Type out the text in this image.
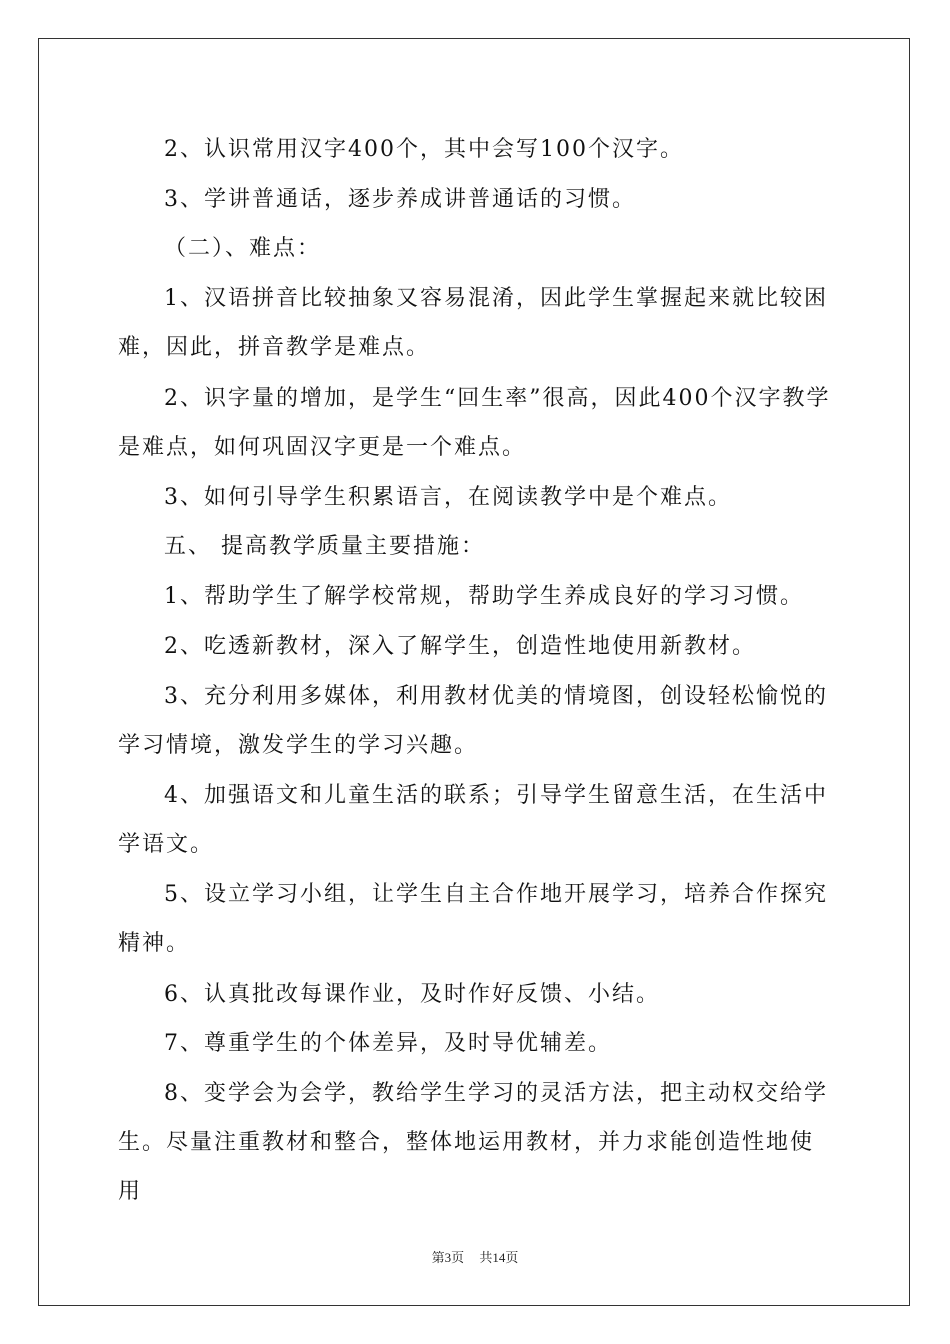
2、认识常用汉字400个，其中会写100个汉字。

3、学讲普通话，逐步养成讲普通话的习惯。

（二）、难点：

1、汉语拼音比较抽象又容易混淆，因此学生掌握起来就比较困难，因此，拼音教学是难点。

2、识字量的增加，是学生“回生率”很高，因此400个汉字教学是难点，如何巩固汉字更是一个难点。

3、如何引导学生积累语言，在阅读教学中是个难点。

五、 提高教学质量主要措施：

1、帮助学生了解学校常规，帮助学生养成良好的学习习惯。

2、吃透新教材，深入了解学生，创造性地使用新教材。

3、充分利用多媒体，利用教材优美的情境图，创设轻松愉悦的学习情境，激发学生的学习兴趣。

4、加强语文和儿童生活的联系；引导学生留意生活，在生活中学语文。

5、设立学习小组，让学生自主合作地开展学习，培养合作探究精神。

6、认真批改每课作业，及时作好反馈、小结。

7、尊重学生的个体差异，及时导优辅差。

8、变学会为会学，教给学生学习的灵活方法，把主动权交给学生。尽量注重教材和整合，整体地运用教材，并力求能创造性地使用

第3页 共14页
